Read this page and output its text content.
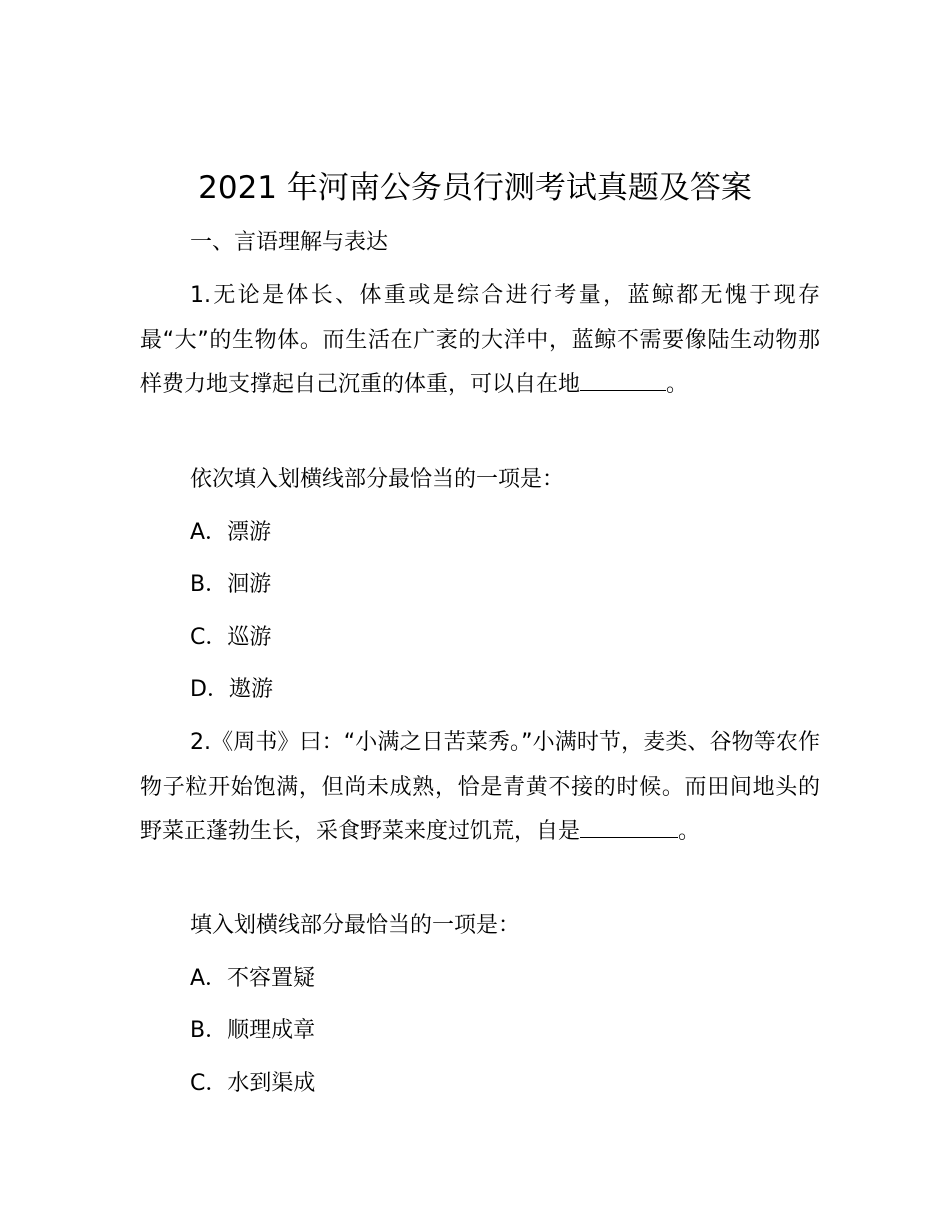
2021 年河南公务员行测考试真题及答案
一、言语理解与表达
1.无论是体长、体重或是综合进行考量，蓝鲸都无愧于现存最“大”的生物体。而生活在广袤的大洋中，蓝鲸不需要像陆生动物那样费力地支撑起自己沉重的体重，可以自在地	。
依次填入划横线部分最恰当的一项是：
A．漂游
B．洄游
C．巡游
D．遨游
2.《周书》曰：“小满之日苦菜秀。”小满时节，麦类、谷物等农作物子粒开始饱满，但尚未成熟，恰是青黄不接的时候。而田间地头的野菜正蓬勃生长，采食野菜来度过饥荒，自是	。
填入划横线部分最恰当的一项是：
A．不容置疑
B．顺理成章
C．水到渠成
